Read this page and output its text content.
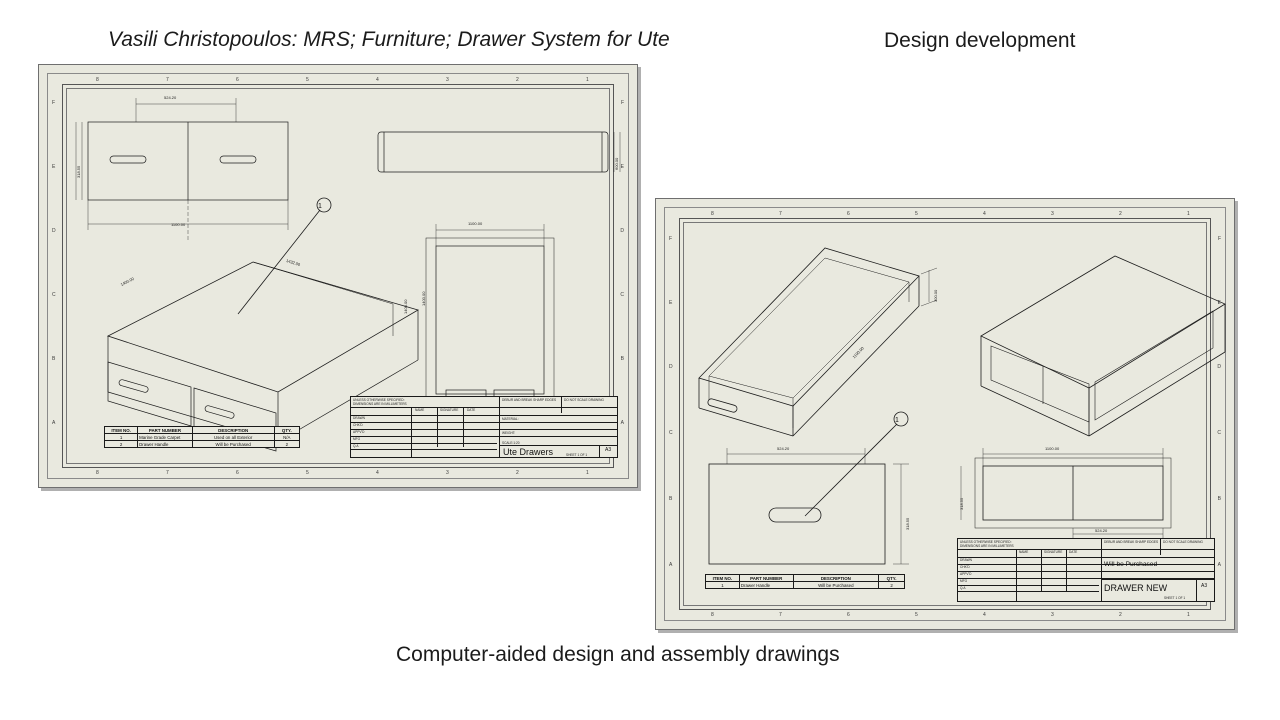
Vasili Christopoulos: MRS; Furniture; Drawer System for Ute	Design development
Computer-aided design and assembly drawings
F
E
D
C
B
A
F
E
D
C
B
A
8	7	6	5	4	3	2	1
8	7	6	5	4	3	2	1
1
524.20
318.55
1100.00
600.00
1432.00
1400.00
1400.00
1100.00
1400.00
ITEM NO.	PART NUMBER	DESCRIPTION	QTY.
1	Marine Grade Carpet	Used on all Exterior	N/A
2	Drawer Handle	Will be Purchased	2
UNLESS OTHERWISE SPECIFIED:
DIMENSIONS ARE IN MILLIMETERS
NAME	SIGNATURE	DATE
DRAWN
CHK'D
APPV'D
MFG
Q.A
DEBUR AND BREAK SHARP EDGES DO NOT SCALE DRAWING
MATERIAL:
WEIGHT:
Ute Drawers	A3
SHEET 1 OF 1
SCALE:1:20
F
E
D
C
B
A
F
E
D
C
B
A
8	7	6	5	4	3	2	1
8	7	6	5	4	3	2	1
1
524.20
318.55
1100.00
318.55
524.20
300.00
1100.00
ITEM NO.	PART NUMBER	DESCRIPTION	QTY.
1	Drawer Handle	Will be Purchased	2
UNLESS OTHERWISE SPECIFIED:
DIMENSIONS ARE IN MILLIMETERS
NAME	SIGNATURE DATE
DRAWN
CHK'D
APPV'D
MFG
Q.A
DEBUR AND BREAK SHARP EDGES DO NOT SCALE DRAWING
Will be Purchased
DRAWER NEW	A3
SHEET 1 OF 1
